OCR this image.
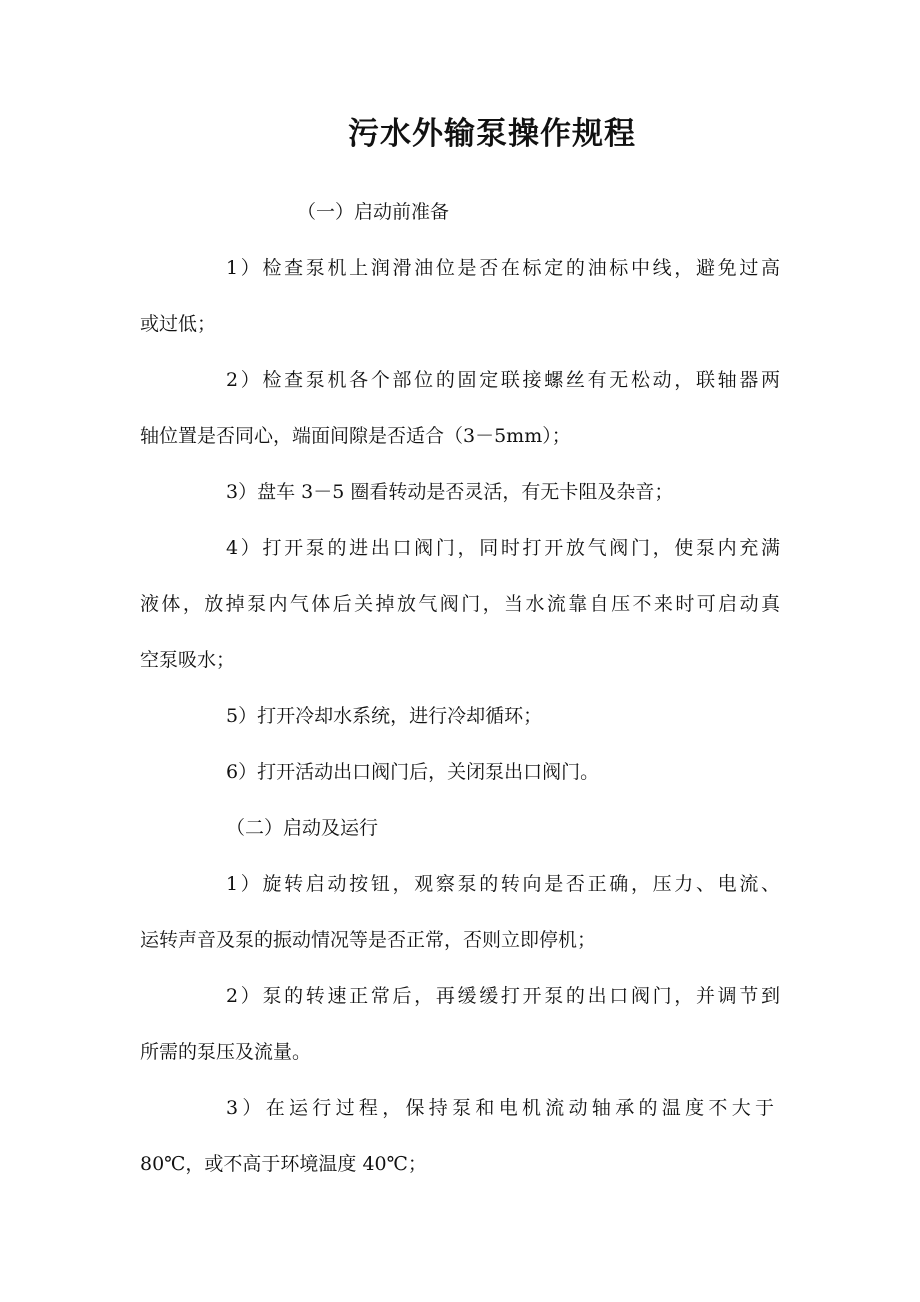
污水外输泵操作规程
（一）启动前准备
1）检查泵机上润滑油位是否在标定的油标中线，避免过高
或过低；
2）检查泵机各个部位的固定联接螺丝有无松动，联轴器两
轴位置是否同心，端面间隙是否适合（3－5mm）；
3）盘车 3－5 圈看转动是否灵活，有无卡阻及杂音；
4）打开泵的进出口阀门，同时打开放气阀门，使泵内充满
液体，放掉泵内气体后关掉放气阀门，当水流靠自压不来时可启动真
空泵吸水；
5）打开冷却水系统，进行冷却循环；
6）打开活动出口阀门后，关闭泵出口阀门。
（二）启动及运行
1）旋转启动按钮，观察泵的转向是否正确，压力、电流、
运转声音及泵的振动情况等是否正常，否则立即停机；
2）泵的转速正常后，再缓缓打开泵的出口阀门，并调节到
所需的泵压及流量。
3）在运行过程，保持泵和电机流动轴承的温度不大于
80℃，或不高于环境温度 40℃；
